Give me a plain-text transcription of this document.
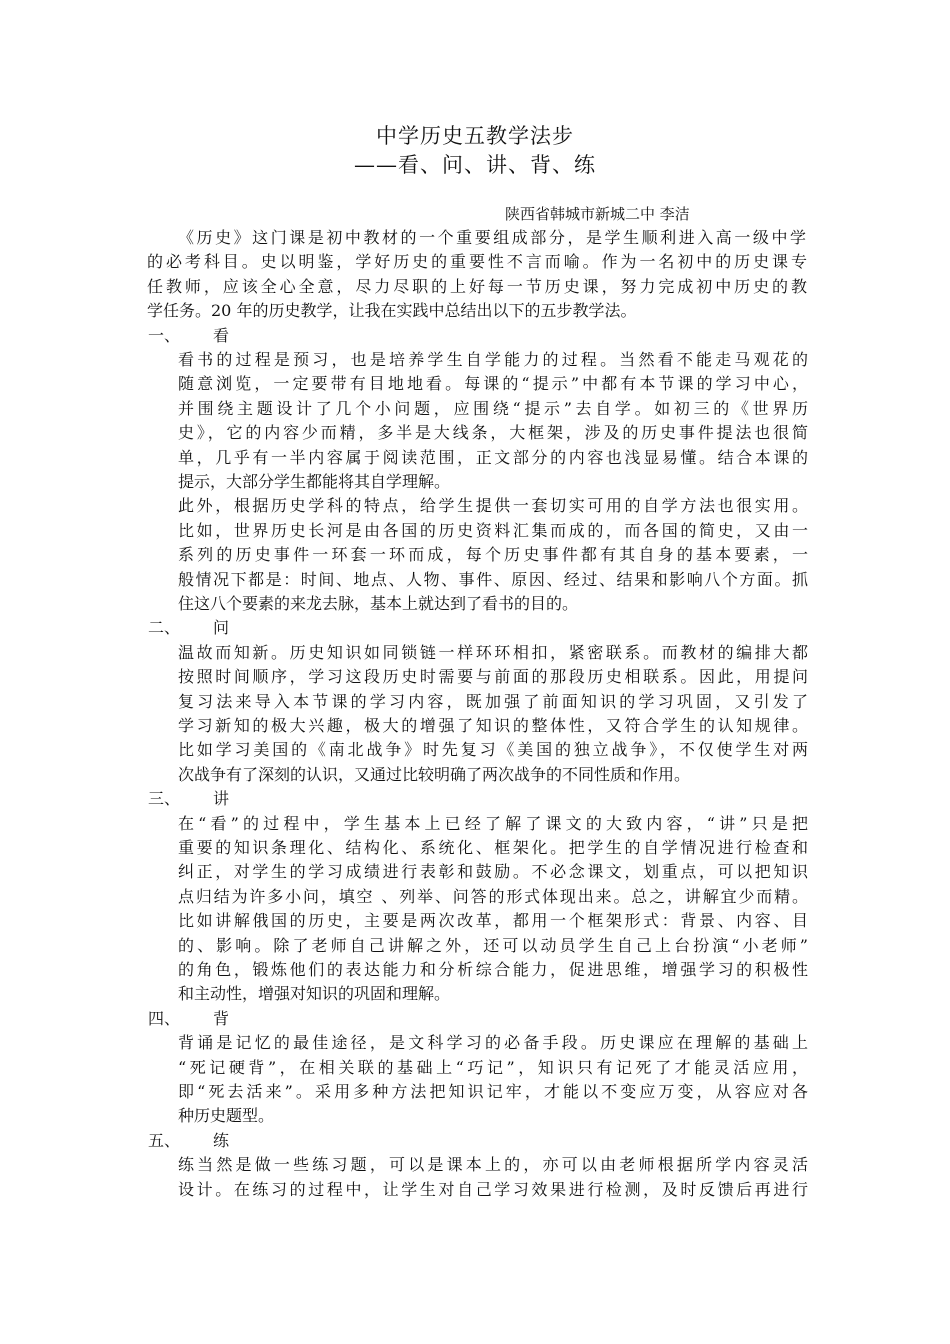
中学历史五教学法步
——看、问、讲、背、练
陕西省韩城市新城二中 李洁
《历史》这门课是初中教材的一个重要组成部分，是学生顺利进入高一级中学
的必考科目。史以明鉴，学好历史的重要性不言而喻。作为一名初中的历史课专
任教师，应该全心全意，尽力尽职的上好每一节历史课，努力完成初中历史的教
学任务。20 年的历史教学，让我在实践中总结出以下的五步教学法。
一、 看
看书的过程是预习，也是培养学生自学能力的过程。当然看不能走马观花的
随意浏览，一定要带有目地地看。每课的“提示”中都有本节课的学习中心，
并围绕主题设计了几个小问题，应围绕“提示”去自学。如初三的《世界历
史》，它的内容少而精，多半是大线条，大框架，涉及的历史事件提法也很简
单，几乎有一半内容属于阅读范围，正文部分的内容也浅显易懂。结合本课的
提示，大部分学生都能将其自学理解。
此外，根据历史学科的特点，给学生提供一套切实可用的自学方法也很实用。
比如，世界历史长河是由各国的历史资料汇集而成的，而各国的简史，又由一
系列的历史事件一环套一环而成，每个历史事件都有其自身的基本要素，一
般情况下都是：时间、地点、人物、事件、原因、经过、结果和影响八个方面。抓
住这八个要素的来龙去脉，基本上就达到了看书的目的。
二、 问
温故而知新。历史知识如同锁链一样环环相扣，紧密联系。而教材的编排大都
按照时间顺序，学习这段历史时需要与前面的那段历史相联系。因此，用提问
复习法来导入本节课的学习内容，既加强了前面知识的学习巩固，又引发了
学习新知的极大兴趣，极大的增强了知识的整体性，又符合学生的认知规律。
比如学习美国的《南北战争》时先复习《美国的独立战争》，不仅使学生对两
次战争有了深刻的认识，又通过比较明确了两次战争的不同性质和作用。
三、 讲
在“看”的过程中，学生基本上已经了解了课文的大致内容，“讲”只是把
重要的知识条理化、结构化、系统化、框架化。把学生的自学情况进行检查和
纠正，对学生的学习成绩进行表彰和鼓励。不必念课文，划重点，可以把知识
点归结为许多小问，填空 、列举、问答的形式体现出来。总之，讲解宜少而精。
比如讲解俄国的历史，主要是两次改革，都用一个框架形式：背景、内容、目
的、影响。除了老师自己讲解之外，还可以动员学生自己上台扮演“小老师”
的角色，锻炼他们的表达能力和分析综合能力，促进思维，增强学习的积极性
和主动性，增强对知识的巩固和理解。
四、 背
背诵是记忆的最佳途径，是文科学习的必备手段。历史课应在理解的基础上
“死记硬背”，在相关联的基础上“巧记”，知识只有记死了才能灵活应用，
即“死去活来”。采用多种方法把知识记牢，才能以不变应万变，从容应对各
种历史题型。
五、 练
练当然是做一些练习题，可以是课本上的，亦可以由老师根据所学内容灵活
设计。在练习的过程中，让学生对自己学习效果进行检测，及时反馈后再进行
